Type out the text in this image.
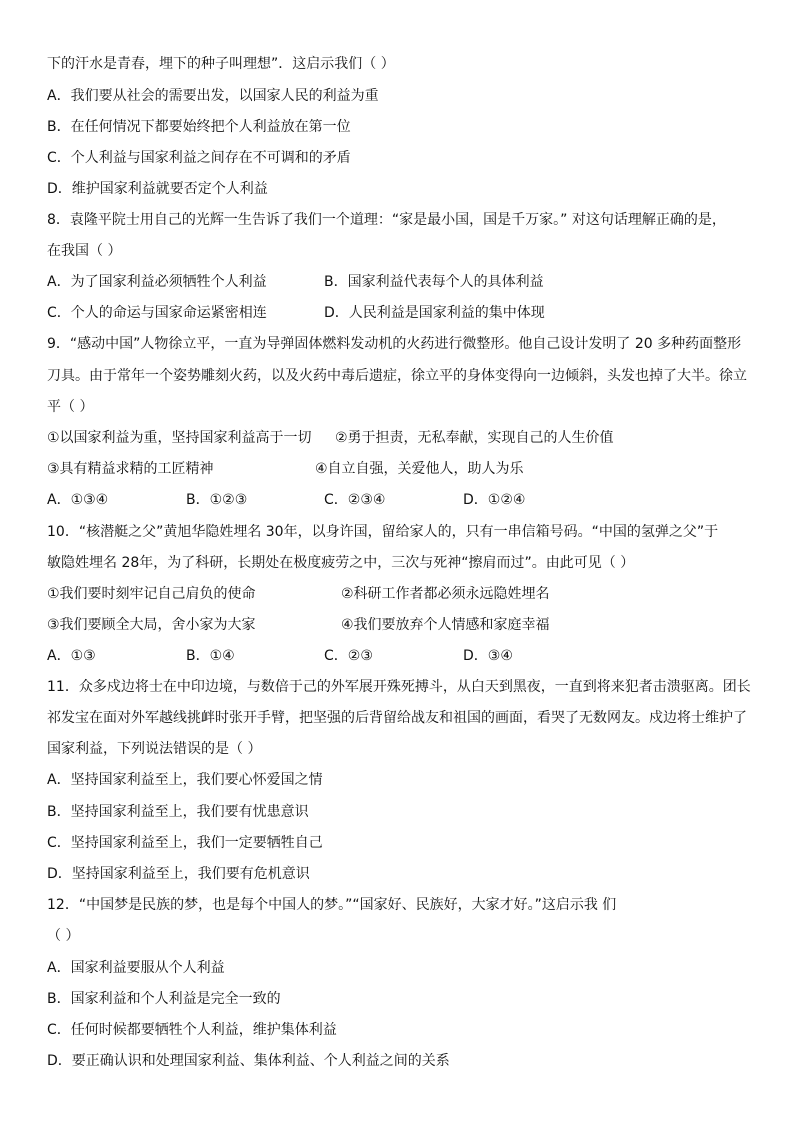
下的汗水是青春，埋下的种子叫理想”．这启示我们（ ）
A．我们要从社会的需要出发，以国家人民的利益为重
B．在任何情况下都要始终把个人利益放在第一位
C．个人利益与国家利益之间存在不可调和的矛盾
D．维护国家利益就要否定个人利益
8．袁隆平院士用自己的光辉一生告诉了我们一个道理：“家是最小国，国是千万家。” 对这句话理解正确的是，
在我国（ ）
A．为了国家利益必须牺牲个人利益	B．国家利益代表每个人的具体利益
C．个人的命运与国家命运紧密相连	D．人民利益是国家利益的集中体现
9．“感动中国”人物徐立平，一直为导弹固体燃料发动机的火药进行微整形。他自己设计发明了 20 多种药面整形
刀具。由于常年一个姿势雕刻火药，以及火药中毒后遗症，徐立平的身体变得向一边倾斜，头发也掉了大半。徐立
平（ ）
①以国家利益为重，坚持国家利益高于一切 ②勇于担责，无私奉献，实现自己的人生价值
③具有精益求精的工匠精神	④自立自强，关爱他人，助人为乐
A．①③④	B．①②③	C．②③④	D．①②④
10．“核潜艇之父”黄旭华隐姓埋名 30年，以身许国，留给家人的，只有一串信箱号码。“中国的氢弹之父”于
敏隐姓埋名 28年，为了科研，长期处在极度疲劳之中，三次与死神“擦肩而过”。由此可见（ ）
①我们要时刻牢记自己肩负的使命	②科研工作者都必须永远隐姓埋名
③我们要顾全大局，舍小家为大家	④我们要放弃个人情感和家庭幸福
A．①③	B．①④	C．②③	D．③④
11．众多戍边将士在中印边境，与数倍于己的外军展开殊死搏斗，从白天到黑夜，一直到将来犯者击溃驱离。团长
祁发宝在面对外军越线挑衅时张开手臂，把坚强的后背留给战友和祖国的画面，看哭了无数网友。戍边将士维护了
国家利益，下列说法错误的是（ ）
A．坚持国家利益至上，我们要心怀爱国之情
B．坚持国家利益至上，我们要有忧患意识
C．坚持国家利益至上，我们一定要牺牲自己
D．坚持国家利益至上，我们要有危机意识
12．“中国梦是民族的梦，也是每个中国人的梦。”“国家好、民族好，大家才好。”这启示我 们
（ ）
A．国家利益要服从个人利益
B．国家利益和个人利益是完全一致的
C．任何时候都要牺牲个人利益，维护集体利益
D．要正确认识和处理国家利益、集体利益、个人利益之间的关系
